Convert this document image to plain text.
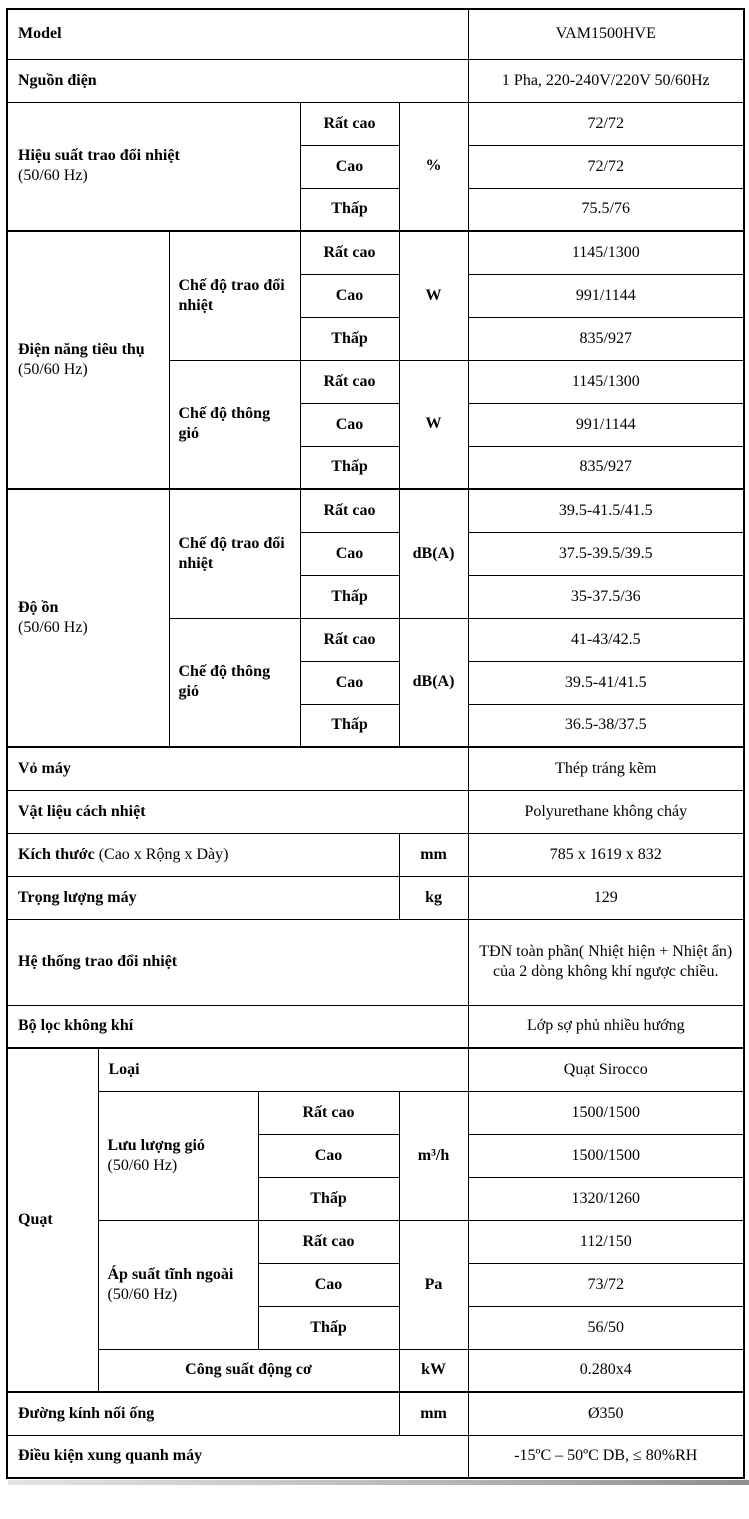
Model						VAM1500HVE
Nguồn điện						1 Pha, 220-240V/220V 50/60Hz

Hiệu suất trao đổi nhiệt
(50/60 Hz)				Rất cao	%	72/72
				Cao		72/72
				Thấp		75.5/76

Điện năng tiêu thụ
(50/60 Hz)		Chế độ trao đổi nhiệt		Rất cao	W	1145/1300
				Cao		991/1144
				Thấp		835/927
		Chế độ thông gió		Rất cao	W	1145/1300
				Cao		991/1144
				Thấp		835/927

Độ ồn
(50/60 Hz)		Chế độ trao đổi nhiệt		Rất cao	dB(A)	39.5-41.5/41.5
				Cao		37.5-39.5/39.5
				Thấp		35-37.5/36
		Chế độ thông gió		Rất cao	dB(A)	41-43/42.5
				Cao		39.5-41/41.5
				Thấp		36.5-38/37.5
Vỏ máy						Thép tráng kẽm
Vật liệu cách nhiệt						Polyurethane không cháy
Kích thước (Cao x Rộng x Dày)					mm	785 x 1619 x 832
Trọng lượng máy					kg	129
Hệ thống trao đổi nhiệt						TĐN toàn phần( Nhiệt hiện + Nhiệt ẩn) của 2 dòng không khí ngược chiều.
Bộ lọc không khí						Lớp sợ phủ nhiều hướng
Quạt	Loại					Quạt Sirocco

	Lưu lượng gió
(50/60 Hz)		Rất cao		m³/h	1500/1500
			Cao			1500/1500
			Thấp			1320/1260

	Áp suất tĩnh ngoài
(50/60 Hz)		Rất cao		Pa	112/150
			Cao			73/72
			Thấp			56/50
	Công suất động cơ				kW	0.280x4
Đường kính nối ống					mm	Ø350
Điều kiện xung quanh máy						-15ºC – 50ºC DB, ≤ 80%RH
